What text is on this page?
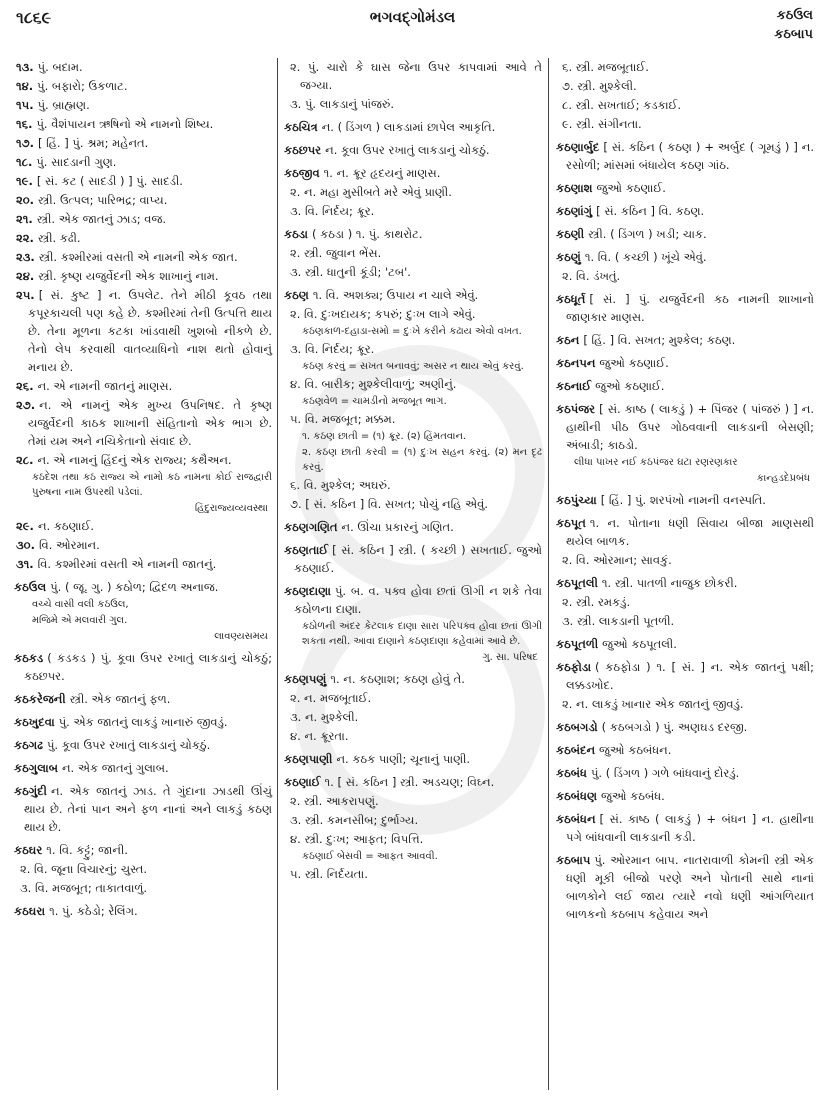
૧૮૬૯	ભગવદ્ગોમંડલ	કઠઉલ
કઠબાપ
૧૩. પું. બદામ.
૧૪. પું. બફારો; ઉકળાટ.
૧૫. પું. બ્રાહ્મણ.
૧૬. પું. વૈશંપાયન ઋષિનો એ નામનો શિષ્ય.
૧૭. [ હિં. ] પું. શ્રમ; મહેનત.
૧૮. પું. સાદડાની ગુણ.
૧૯. [ સં. કટ ( સાદડી ) ] પું. સાદડી.
૨૦. સ્ત્રી. ઉત્પલ; પારિભદ્ર; વાપ્ય.
૨૧. સ્ત્રી. એક જાતનું ઝાડ; વજ.
૨૨. સ્ત્રી. કઢી.
૨૩. સ્ત્રી. કશ્મીરમાં વસતી એ નામની એક જાત.
૨૪. સ્ત્રી. કૃષ્ણ યજુર્વેદની એક શાખાનું નામ.
૨૫. [ સં. કુષ્ટ ] ન. ઉપલેટ. તેને મીઠી કૂવઠ તથા કપૂરકાચલી પણ કહે છે. કશ્મીરમાં તેની ઉત્પત્તિ થાય છે. તેના મૂળના કટકા ખાંડવાથી ખુશબો નીકળે છે. તેનો લેપ કરવાથી વાતવ્યાધિનો નાશ થતો હોવાનું મનાય છે.
૨૬. ન. એ નામની જાતનું માણસ.
૨૭. ન. એ નામનું એક મુખ્ય ઉપનિષદ. તે કૃષ્ણ યજુર્વેદની કાઠક શાખાની સંહિતાનો એક ભાગ છે. તેમાં યમ અને નચિકેતાનો સંવાદ છે.
૨૮. ન. એ નામનું હિંદનું એક રાજ્ય; કથૈઅન.
કઠદેશ તથા કઠ રાજ્ય એ નામો કઠ નામના કોઈ રાજદ્વારી પુરુષના નામ ઉપરથી પડેલાં.
હિંદુરાજ્યવ્યવસ્થા
૨૯. ન. કઠણાઈ.
૩૦. વિ. ઓરમાન.
૩૧. વિ. કશ્મીરમાં વસતી એ નામની જાતનું.
કઠઉલ પું. ( જૂ. ગુ. ) કઠોળ; દ્વિદળ અનાજ.
વચ્ચે વાસી વલી કઠઉલ,
મજિમે એ મલવારી ગુલ.
લાવણ્યસમય
કઠકડ ( કડકડ ) પું. કૂવા ઉપર રખાતું લાકડાનું ચોકઠું; કઠછપર.
કઠકરેજની સ્ત્રી. એક જાતનું ફળ.
કઠખુદવા પું. એક જાતનું લાકડું ખાનારું જીવડું.
કઠગઢ પું. કૂવા ઉપર રખાતું લાકડાનું ચોકઠું.
કઠગુલાબ ન. એક જાતનું ગુલાબ.
કઠગુંદી ન. એક જાતનું ઝાડ. તે ગુંદાના ઝાડથી ઊંચું થાય છે. તેનાં પાન અને ફળ નાનાં અને લાકડું કઠણ થાય છે.
કઠઘર ૧. વિ. કટ્ટું; જાની.
૨. વિ. જૂના વિચારનું; ચુસ્ત.
૩. વિ. મજબૂત; તાકાતવાળું.
કઠઘરા ૧. પું. કઠેડો; રેલિંગ.
૨. પું. ચારો કે ઘાસ જેના ઉપર કાપવામાં આવે તે જગ્યા.
૩. પું. લાકડાનું પાંજરું.
કઠચિત્ર ન. ( ડિંગળ ) લાકડામાં છાપેલ આકૃતિ.
કઠછપર ન. કૂવા ઉપર રખાતું લાકડાનું ચોકઠું.
કઠજીવ ૧. ન. ક્રૂર હૃદયનું માણસ.
૨. ન. મહા મુસીબતે મરે એવું પ્રાણી.
૩. વિ. નિર્દય; ક્રૂર.
કઠડા ( કઠડા ) ૧. પું. કાથરોટ.
૨. સ્ત્રી. જુવાન ભેંસ.
૩. સ્ત્રી. ધાતુની કૂંડી; 'ટબ'.
કઠણ ૧. વિ. અશક્ય; ઉપાય ન ચાલે એવું.
૨. વિ. દુઃખદાયક; કપરું; દુઃખ લાગે એવું.
કઠણકાળ-દહાડા-સમો = દુઃખે કરીને કઢાય એવો વખત.
૩. વિ. નિર્દય; ક્રૂર.
કઠણ કરવું = સખત બનાવવું; અસર ન થાય એવું કરવું.
૪. વિ. બારીક; મુશ્કેલીવાળું; અણીનું.
કઠણવેળ = ચામડીનો મજબૂત ભાગ.
૫. વિ. મજબૂત; મક્કમ.
૧. કઠણ છાતી = (૧) ક્રૂર. (૨) હિંમતવાન.
૨. કઠણ છાતી કરવી = (૧) દુઃખ સહન કરવું. (૨) મન દૃઢ કરવું.
૬. વિ. મુશ્કેલ; અઘરું.
૭. [ સં. કઠિન ] વિ. સખત; પોચું નહિ એવું.
કઠણગણિત ન. ઊંચા પ્રકારનું ગણિત.
કઠણતાઈ [ સં. કઠિન ] સ્ત્રી. ( કચ્છી ) સખતાઈ. જુઓ કઠણાઈ.
કઠણદાણા પું. બ. વ. પક્વ હોવા છતાં ઊગી ન શકે તેવા કઠોળના દાણા.
કઠોળની અંદર કેટલાક દાણા સારા પરિપક્વ હોવા છતાં ઊગી શકતા નથી. આવા દાણાને કઠણદાણા કહેવામાં આવે છે.
ગુ. સા. પરિષદ
કઠણપણું ૧. ન. કઠણાશ; કઠણ હોવું તે.
૨. ન. મજબૂતાઈ.
૩. ન. મુશ્કેલી.
૪. ન. ક્રૂરતા.
કઠણપાણી ન. કઠક પાણી; ચૂનાનું પાણી.
કઠણાઈ ૧. [ સં. કઠિન ] સ્ત્રી. અડચણ; વિઘ્ન.
૨. સ્ત્રી. આકરાપણું.
૩. સ્ત્રી. કમનસીબ; દુર્ભાગ્ય.
૪. સ્ત્રી. દુઃખ; આફત; વિપત્તિ.
કઠણાઈ બેસવી = આફત આવવી.
૫. સ્ત્રી. નિર્દયતા.
૬. સ્ત્રી. મજબૂતાઈ.
૭. સ્ત્રી. મુશ્કેલી.
૮. સ્ત્રી. સખતાઈ; કડકાઈ.
૯. સ્ત્રી. સંગીનતા.
કઠણાર્બુદ [ સં. કઠિન ( કઠણ ) + અર્બુદ ( ગૂમડું ) ] ન. રસોળી; માંસમાં બંધાયેલ કઠણ ગાંઠ.
કઠણાશ જુઓ કઠણાઈ.
કઠણાંગું [ સં. કઠિન ] વિ. કઠણ.
કઠણી સ્ત્રી. ( ડિંગળ ) ખડી; ચાક.
કઠણું ૧. વિ. ( કચ્છી ) ખૂંચે એવું.
૨. વિ. ડંખતું.
કઠધૂર્ત [ સં. ] પું. યજુર્વેદની કઠ નામની શાખાનો જાણકાર માણસ.
કઠન [ હિં. ] વિ. સખત; મુશ્કેલ; કઠણ.
કઠનપન જુઓ કઠણાઈ.
કઠનાઈ જુઓ કઠણાઈ.
કઠપંજર [ સં. કાષ્ઠ ( લાકડું ) + પિંજર ( પાંજરું ) ] ન. હાથીની પીઠ ઉપર ગોઠવવાની લાકડાની બેસણી; અંબાડી; કાઠડો.
લીધા પાખર નઈ કઠપંજર ઘટા રણરણકાર
કાન્હડદેપ્રબંધ
કઠપુંચ્યા [ હિં. ] પું. શરપંખો નામની વનસ્પતિ.
કઠપૂત ૧. ન. પોતાના ધણી સિવાય બીજા માણસથી થયેલ બાળક.
૨. વિ. ઓરમાન; સાવકું.
કઠપૂતલી ૧. સ્ત્રી. પાતળી નાજુક છોકરી.
૨. સ્ત્રી. રમકડું.
૩. સ્ત્રી. લાકડાની પૂતળી.
કઠપૂતળી જુઓ કઠપૂતલી.
કઠફોડા ( કઠફોડા ) ૧. [ સં. ] ન. એક જાતનું પક્ષી; લક્કડખોદ.
૨. ન. લાકડું ખાનાર એક જાતનું જીવડું.
કઠબગડો ( કઠબગડો ) પું. અણઘડ દરજી.
કઠબંદન જુઓ કઠબંધન.
કઠબંધ પું. ( ડિંગળ ) ગળે બાંધવાનું દોરડું.
કઠબંધણ જુઓ કઠબંધ.
કઠબંધન [ સં. કાષ્ઠ ( લાકડું ) + બંધન ] ન. હાથીના પગે બાંધવાની લાકડાની કડી.
કઠબાપ પું. ઓરમાન બાપ. નાતરાવાળી કોમની સ્ત્રી એક ધણી મૂકી બીજો પરણે અને પોતાની સાથે નાનાં બાળકોને લઈ જાય ત્યારે નવો ધણી આંગળિયાત બાળકનો કઠબાપ કહેવાય અને
